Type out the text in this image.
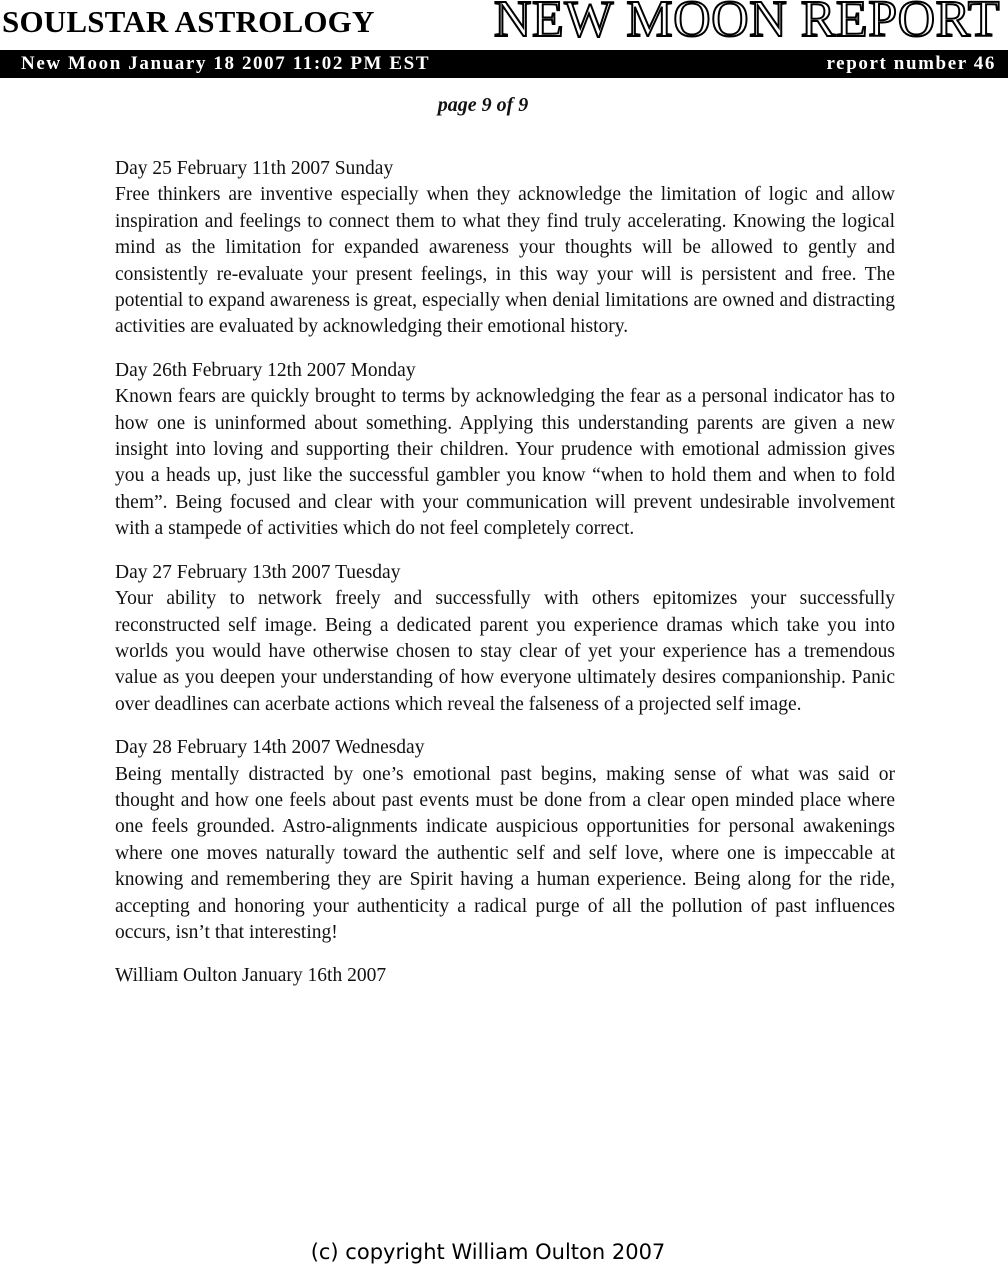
SOULSTAR ASTROLOGY NEW MOON REPORT
New Moon January 18 2007 11:02 PM EST	report number 46
page 9 of 9
Day 25 February 11th 2007 Sunday
Free thinkers are inventive especially when they acknowledge the limitation of logic and allow inspiration and feelings to connect them to what they find truly accelerating. Knowing the logical mind as the limitation for expanded awareness your thoughts will be allowed to gently and consistently re-evaluate your present feelings, in this way your will is persistent and free. The potential to expand awareness is great, especially when denial limitations are owned and distracting activities are evaluated by acknowledging their emotional history.
Day 26th February 12th 2007 Monday
Known fears are quickly brought to terms by acknowledging the fear as a personal indicator has to how one is uninformed about something. Applying this understanding parents are given a new insight into loving and supporting their children. Your prudence with emotional admission gives you a heads up, just like the successful gambler you know “when to hold them and when to fold them”. Being focused and clear with your communication will prevent undesirable involvement with a stampede of activities which do not feel completely correct.
Day 27 February 13th 2007 Tuesday
Your ability to network freely and successfully with others epitomizes your successfully reconstructed self image. Being a dedicated parent you experience dramas which take you into worlds you would have otherwise chosen to stay clear of yet your experience has a tremendous value as you deepen your understanding of how everyone ultimately desires companionship. Panic over deadlines can acerbate actions which reveal the falseness of a projected self image.
Day 28 February 14th 2007 Wednesday
Being mentally distracted by one’s emotional past begins, making sense of what was said or thought and how one feels about past events must be done from a clear open minded place where one feels grounded. Astro-alignments indicate auspicious opportunities for personal awakenings where one moves naturally toward the authentic self and self love, where one is impeccable at knowing and remembering they are Spirit having a human experience. Being along for the ride, accepting and honoring your authenticity a radical purge of all the pollution of past influences occurs, isn’t that interesting!
William Oulton January 16th 2007
(c) copyright William Oulton 2007
